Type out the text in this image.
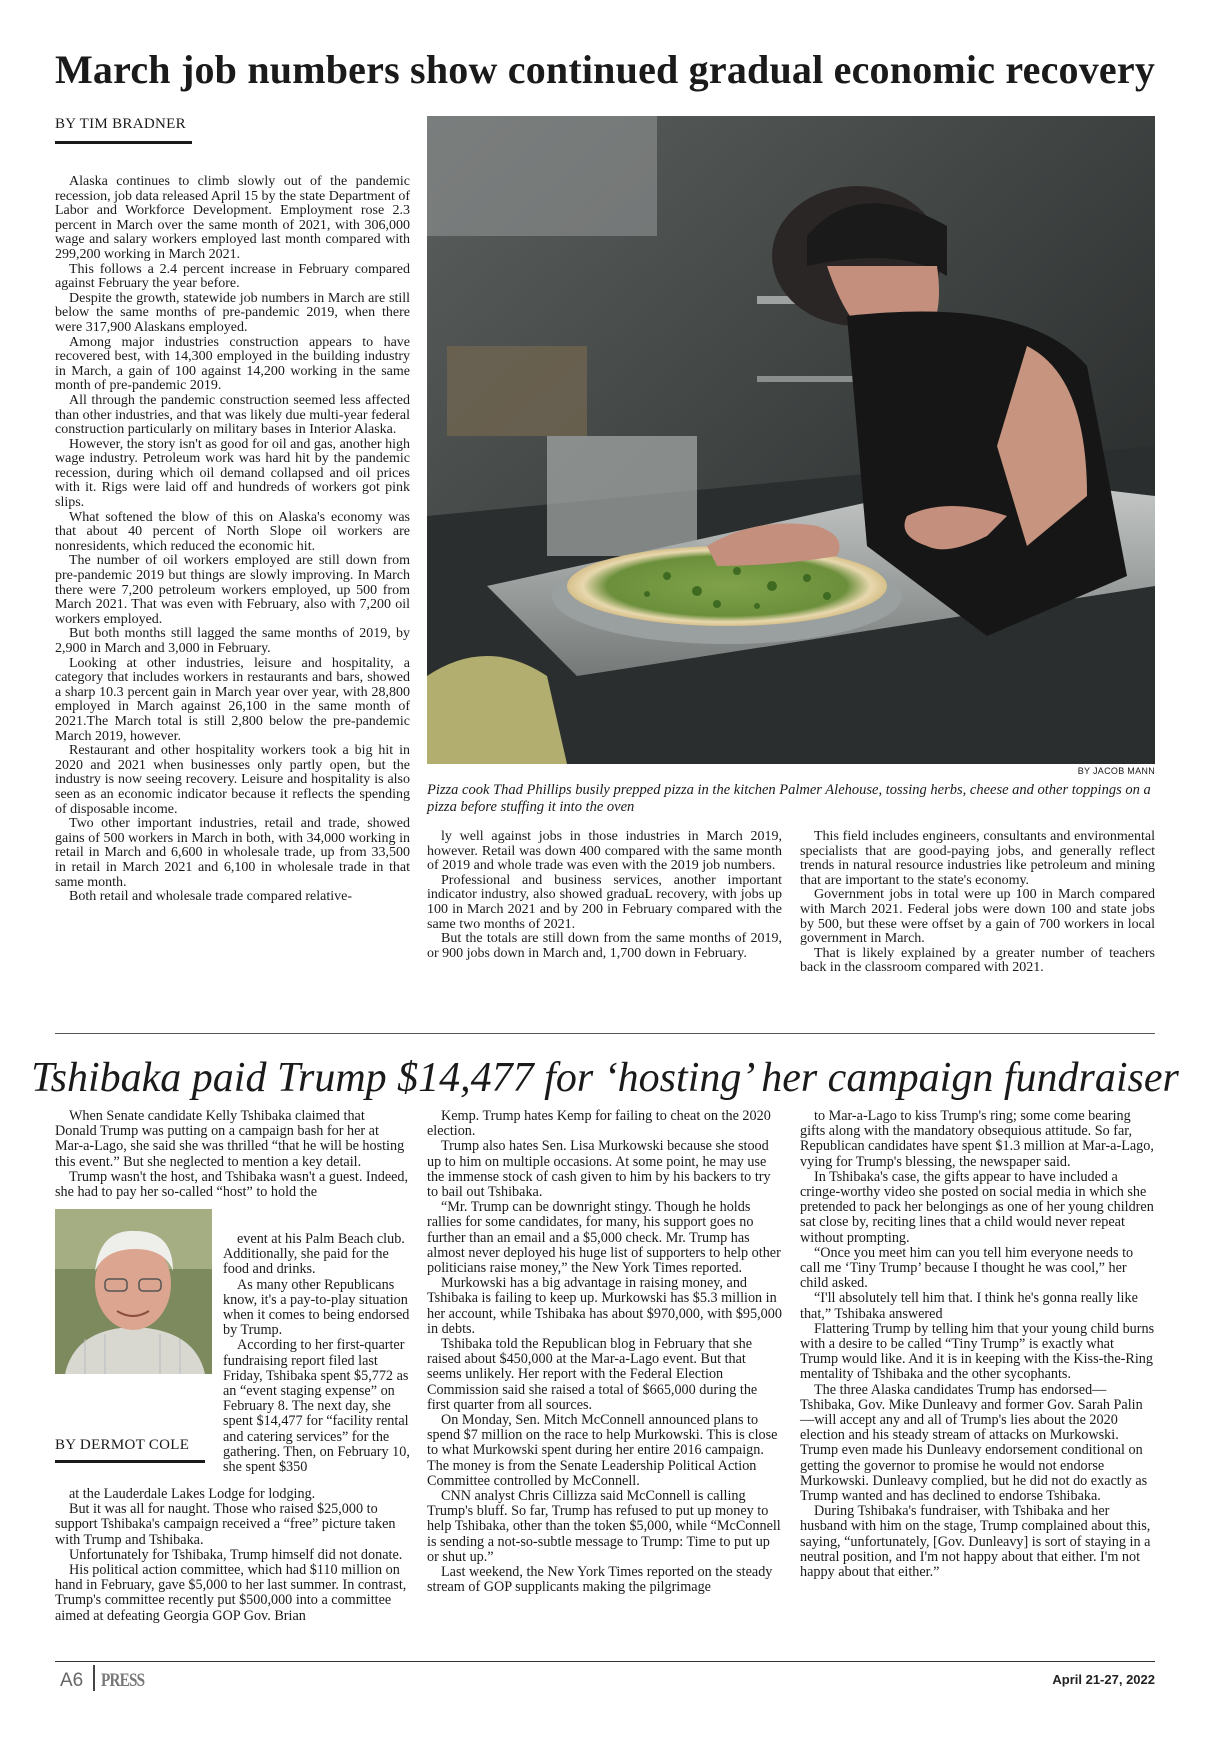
March job numbers show continued gradual economic recovery
BY TIM BRADNER

Alaska continues to climb slowly out of the pandemic recession, job data released April 15 by the state Department of Labor and Workforce Development. Employment rose 2.3 percent in March over the same month of 2021, with 306,000 wage and salary workers employed last month compared with 299,200 working in March 2021.

This follows a 2.4 percent increase in February compared against February the year before.

Despite the growth, statewide job numbers in March are still below the same months of pre-pandemic 2019, when there were 317,900 Alaskans employed.

Among major industries construction appears to have recovered best, with 14,300 employed in the building industry in March, a gain of 100 against 14,200 working in the same month of pre-pandemic 2019.

All through the pandemic construction seemed less affected than other industries, and that was likely due multi-year federal construction particularly on military bases in Interior Alaska.

However, the story isn't as good for oil and gas, another high wage industry. Petroleum work was hard hit by the pandemic recession, during which oil demand collapsed and oil prices with it. Rigs were laid off and hundreds of workers got pink slips.

What softened the blow of this on Alaska's economy was that about 40 percent of North Slope oil workers are nonresidents, which reduced the economic hit.

The number of oil workers employed are still down from pre-pandemic 2019 but things are slowly improving. In March there were 7,200 petroleum workers employed, up 500 from March 2021. That was even with February, also with 7,200 oil workers employed.

But both months still lagged the same months of 2019, by 2,900 in March and 3,000 in February.

Looking at other industries, leisure and hospitality, a category that includes workers in restaurants and bars, showed a sharp 10.3 percent gain in March year over year, with 28,800 employed in March against 26,100 in the same month of 2021.The March total is still 2,800 below the pre-pandemic March 2019, however.

Restaurant and other hospitality workers took a big hit in 2020 and 2021 when businesses only partly open, but the industry is now seeing recovery. Leisure and hospitality is also seen as an economic indicator because it reflects the spending of disposable income.

Two other important industries, retail and trade, showed gains of 500 workers in March in both, with 34,000 working in retail in March and 6,600 in wholesale trade, up from 33,500 in retail in March 2021 and 6,100 in wholesale trade in that same month.

Both retail and wholesale trade compared relative-

BY JACOB MANN
Pizza cook Thad Phillips busily prepped pizza in the kitchen Palmer Alehouse, tossing herbs, cheese and other toppings on a pizza before stuffing it into the oven

ly well against jobs in those industries in March 2019, however. Retail was down 400 compared with the same month of 2019 and whole trade was even with the 2019 job numbers.

Professional and business services, another important indicator industry, also showed graduaL recovery, with jobs up 100 in March 2021 and by 200 in February compared with the same two months of 2021.

But the totals are still down from the same months of 2019, or 900 jobs down in March and, 1,700 down in February.

This field includes engineers, consultants and environmental specialists that are good-paying jobs, and generally reflect trends in natural resource industries like petroleum and mining that are important to the state's economy.

Government jobs in total were up 100 in March compared with March 2021. Federal jobs were down 100 and state jobs by 500, but these were offset by a gain of 700 workers in local government in March.

That is likely explained by a greater number of teachers back in the classroom compared with 2021.

Tshibaka paid Trump $14,477 for ‘hosting’ her campaign fundraiser

When Senate candidate Kelly Tshibaka claimed that Donald Trump was putting on a campaign bash for her at Mar-a-Lago, she said she was thrilled “that he will be hosting this event.” But she neglected to mention a key detail.

Trump wasn't the host, and Tshibaka wasn't a guest. Indeed, she had to pay her so-called “host” to hold the

event at his Palm Beach club. Additionally, she paid for the food and drinks.

As many other Republicans know, it's a pay-to-play situation when it comes to being endorsed by Trump.

According to her first-quarter fundraising report filed last Friday, Tshibaka spent $5,772 as an “event staging expense” on February 8. The next day, she spent $14,477 for “facility rental and catering services” for the gathering. Then, on February 10, she spent $350

BY DERMOT COLE

at the Lauderdale Lakes Lodge for lodging.

But it was all for naught. Those who raised $25,000 to support Tshibaka's campaign received a “free” picture taken with Trump and Tshibaka.

Unfortunately for Tshibaka, Trump himself did not donate.

His political action committee, which had $110 million on hand in February, gave $5,000 to her last summer. In contrast, Trump's committee recently put $500,000 into a committee aimed at defeating Georgia GOP Gov. Brian

Kemp. Trump hates Kemp for failing to cheat on the 2020 election.

Trump also hates Sen. Lisa Murkowski because she stood up to him on multiple occasions. At some point, he may use the immense stock of cash given to him by his backers to try to bail out Tshibaka.

“Mr. Trump can be downright stingy. Though he holds rallies for some candidates, for many, his support goes no further than an email and a $5,000 check. Mr. Trump has almost never deployed his huge list of supporters to help other politicians raise money,” the New York Times reported.

Murkowski has a big advantage in raising money, and Tshibaka is failing to keep up. Murkowski has $5.3 million in her account, while Tshibaka has about $970,000, with $95,000 in debts.

Tshibaka told the Republican blog in February that she raised about $450,000 at the Mar-a-Lago event. But that seems unlikely. Her report with the Federal Election Commission said she raised a total of $665,000 during the first quarter from all sources.

On Monday, Sen. Mitch McConnell announced plans to spend $7 million on the race to help Murkowski. This is close to what Murkowski spent during her entire 2016 campaign. The money is from the Senate Leadership Political Action Committee controlled by McConnell.

CNN analyst Chris Cillizza said McConnell is calling Trump's bluff. So far, Trump has refused to put up money to help Tshibaka, other than the token $5,000, while “McConnell is sending a not-so-subtle message to Trump: Time to put up or shut up.”

Last weekend, the New York Times reported on the steady stream of GOP supplicants making the pilgrimage

to Mar-a-Lago to kiss Trump's ring; some come bearing gifts along with the mandatory obsequious attitude. So far, Republican candidates have spent $1.3 million at Mar-a-Lago, vying for Trump's blessing, the newspaper said.

In Tshibaka's case, the gifts appear to have included a cringe-worthy video she posted on social media in which she pretended to pack her belongings as one of her young children sat close by, reciting lines that a child would never repeat without prompting.

“Once you meet him can you tell him everyone needs to call me ‘Tiny Trump’ because I thought he was cool,” her child asked.

“I'll absolutely tell him that. I think he's gonna really like that,” Tshibaka answered

Flattering Trump by telling him that your young child burns with a desire to be called “Tiny Trump” is exactly what Trump would like. And it is in keeping with the Kiss-the-Ring mentality of Tshibaka and the other sycophants.

The three Alaska candidates Trump has endorsed—Tshibaka, Gov. Mike Dunleavy and former Gov. Sarah Palin—will accept any and all of Trump's lies about the 2020 election and his steady stream of attacks on Murkowski. Trump even made his Dunleavy endorsement conditional on getting the governor to promise he would not endorse Murkowski. Dunleavy complied, but he did not do exactly as Trump wanted and has declined to endorse Tshibaka.

During Tshibaka's fundraiser, with Tshibaka and her husband with him on the stage, Trump complained about this, saying, “unfortunately, [Gov. Dunleavy] is sort of staying in a neutral position, and I'm not happy about that either. I'm not happy about that either.”

A6 PRESS	April 21-27, 2022
